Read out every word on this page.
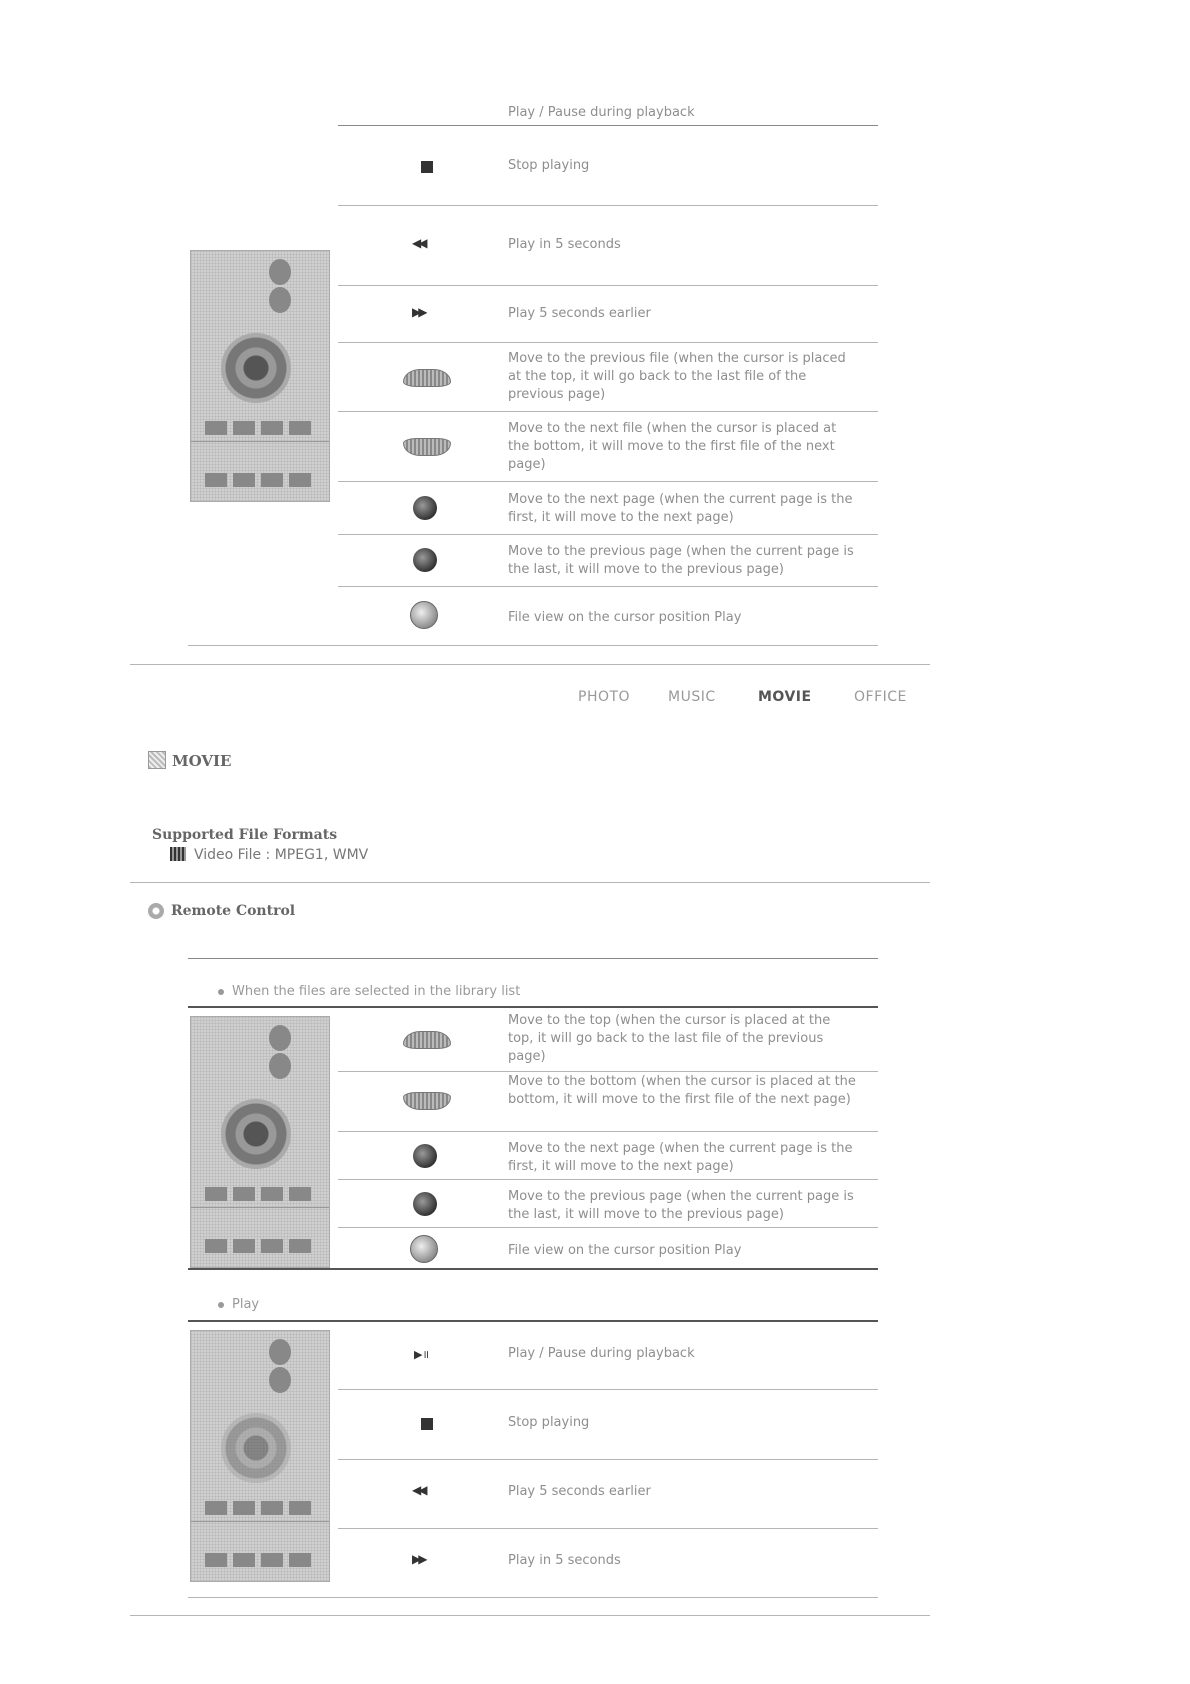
Play / Pause during playback
Stop playing
◀◀	Play in 5 seconds
▶▶	Play 5 seconds earlier
Move to the previous file (when the cursor is placed at the top, it will go back to the last file of the previous page)
Move to the next file (when the cursor is placed at the bottom, it will move to the first file of the next page)
Move to the next page (when the current page is the first, it will move to the next page)
Move to the previous page (when the current page is the last, it will move to the previous page)
File view on the cursor position Play
PHOTO	MUSIC	MOVIE	OFFICE
MOVIE
Supported File Formats
Video File : MPEG1, WMV
Remote Control
When the files are selected in the library list
Move to the top (when the cursor is placed at the top, it will go back to the last file of the previous page)
Move to the bottom (when the cursor is placed at the bottom, it will move to the first file of the next page)
Move to the next page (when the current page is the first, it will move to the next page)
Move to the previous page (when the current page is the last, it will move to the previous page)
File view on the cursor position Play
Play
▶॥	Play / Pause during playback
Stop playing
◀◀	Play 5 seconds earlier
▶▶	Play in 5 seconds
